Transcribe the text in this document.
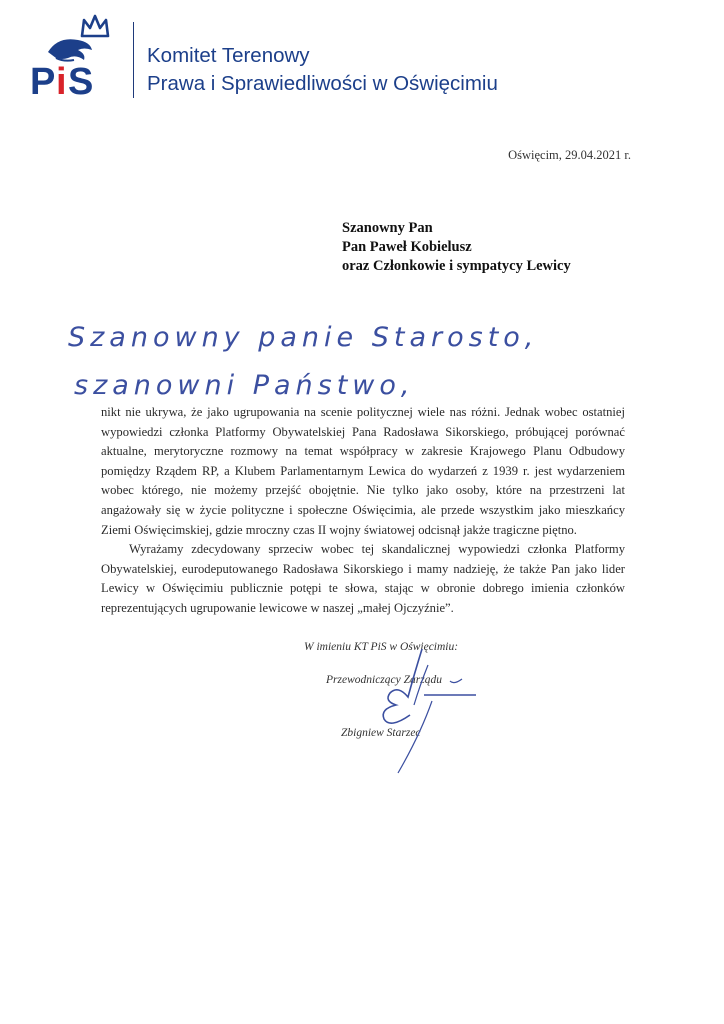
P i S
Komitet Terenowy
Prawa i Sprawiedliwości w Oświęcimiu
Oświęcim, 29.04.2021 r.
Szanowny Pan
Pan Paweł Kobielusz
oraz Członkowie i sympatycy Lewicy
Szanowny panie Starosto,
szanowni Państwo,

nikt nie ukrywa, że jako ugrupowania na scenie politycznej wiele nas różni. Jednak wobec ostatniej wypowiedzi członka Platformy Obywatelskiej Pana Radosława Sikorskiego, próbującej porównać aktualne, merytoryczne rozmowy na temat współpracy w zakresie Krajowego Planu Odbudowy pomiędzy Rządem RP, a Klubem Parlamentarnym Lewica do wydarzeń z 1939 r. jest wydarzeniem wobec którego, nie możemy przejść obojętnie. Nie tylko jako osoby, które na przestrzeni lat angażowały się w życie polityczne i społeczne Oświęcimia, ale przede wszystkim jako mieszkańcy Ziemi Oświęcimskiej, gdzie mroczny czas II wojny światowej odcisnął jakże tragiczne piętno.

Wyrażamy zdecydowany sprzeciw wobec tej skandalicznej wypowiedzi członka Platformy Obywatelskiej, eurodeputowanego Radosława Sikorskiego i mamy nadzieję, że także Pan jako lider Lewicy w Oświęcimiu publicznie potępi te słowa, stając w obronie dobrego imienia członków reprezentujących ugrupowanie lewicowe w naszej „małej Ojczyźnie”.

W imieniu KT PiS w Oświęcimiu:
Przewodniczący Zarządu
Zbigniew Starzec
